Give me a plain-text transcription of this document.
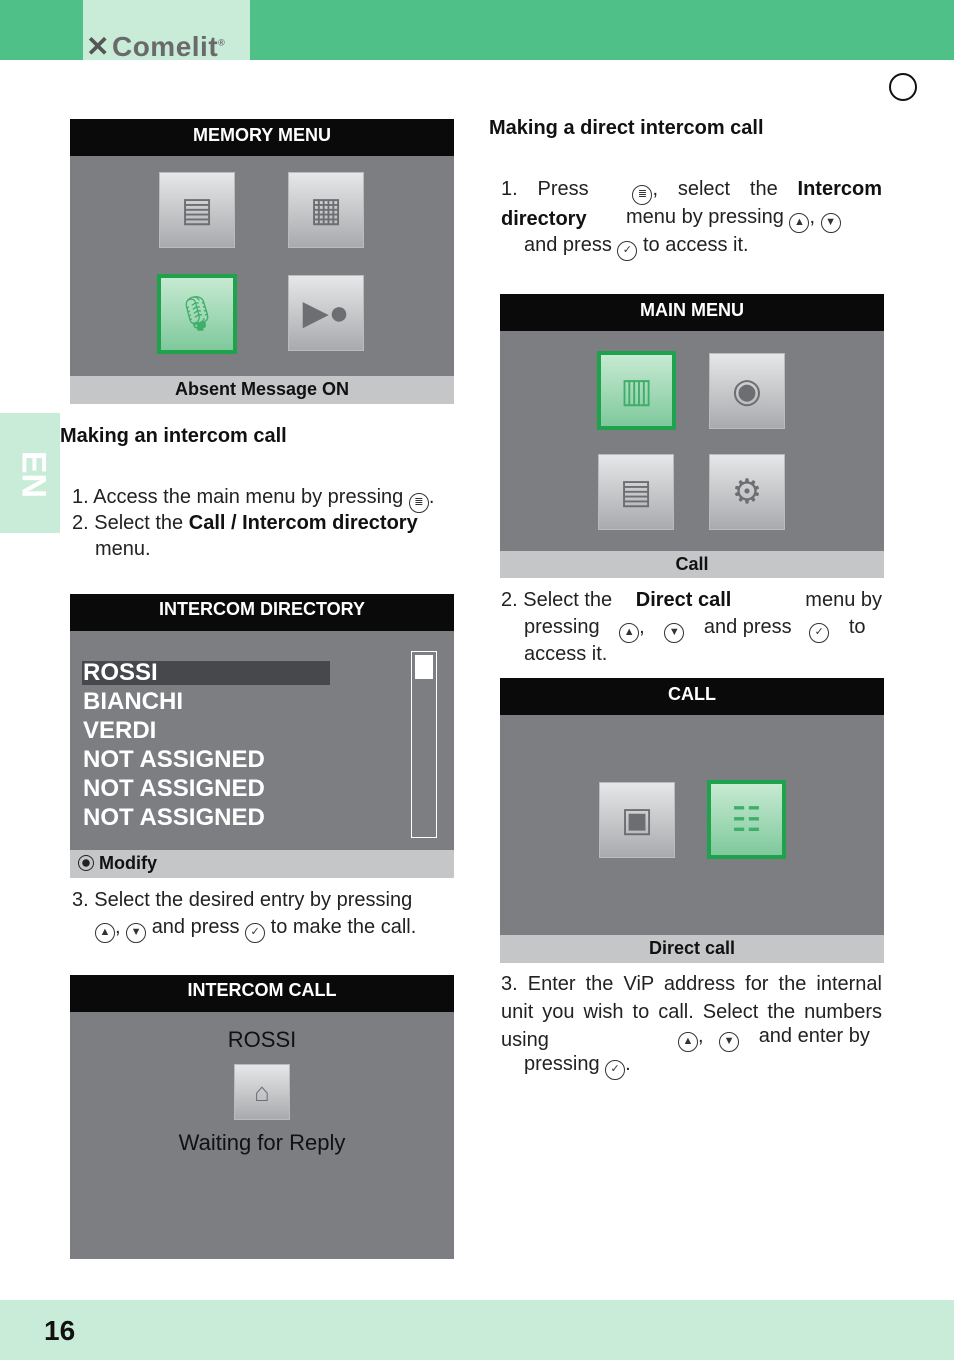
✕Comelit®
EN
16
MEMORY MENU
▤	▦
🎙	▶●
Absent Message ON
Making an intercom call
1. Access the main menu by pressing ≣ .
2. Select the Call / Intercom directory
menu.
INTERCOM DIRECTORY
ROSSI
BIANCHI
VERDI
NOT ASSIGNED
NOT ASSIGNED
NOT ASSIGNED
Modify
3. Select the desired entry by pressing
▲ , ▼ and press ✓ to make the call.
INTERCOM CALL
ROSSI
⌂
Waiting for Reply
Making a direct intercom call
1. Press	≣ , select the Intercom directory	menu by pressing ▲ , ▼
and press ✓ to access it.
MAIN MENU
▥	◉
▤	⚙
Call
2. Select the Direct call	menu by
pressing ▲ , ▼ and press ✓ to
access it.
CALL
▣	☷
Direct call
3. Enter the ViP address for the internal unit you wish to call. Select the numbers using	▲ , ▼ and enter by
pressing ✓ .
